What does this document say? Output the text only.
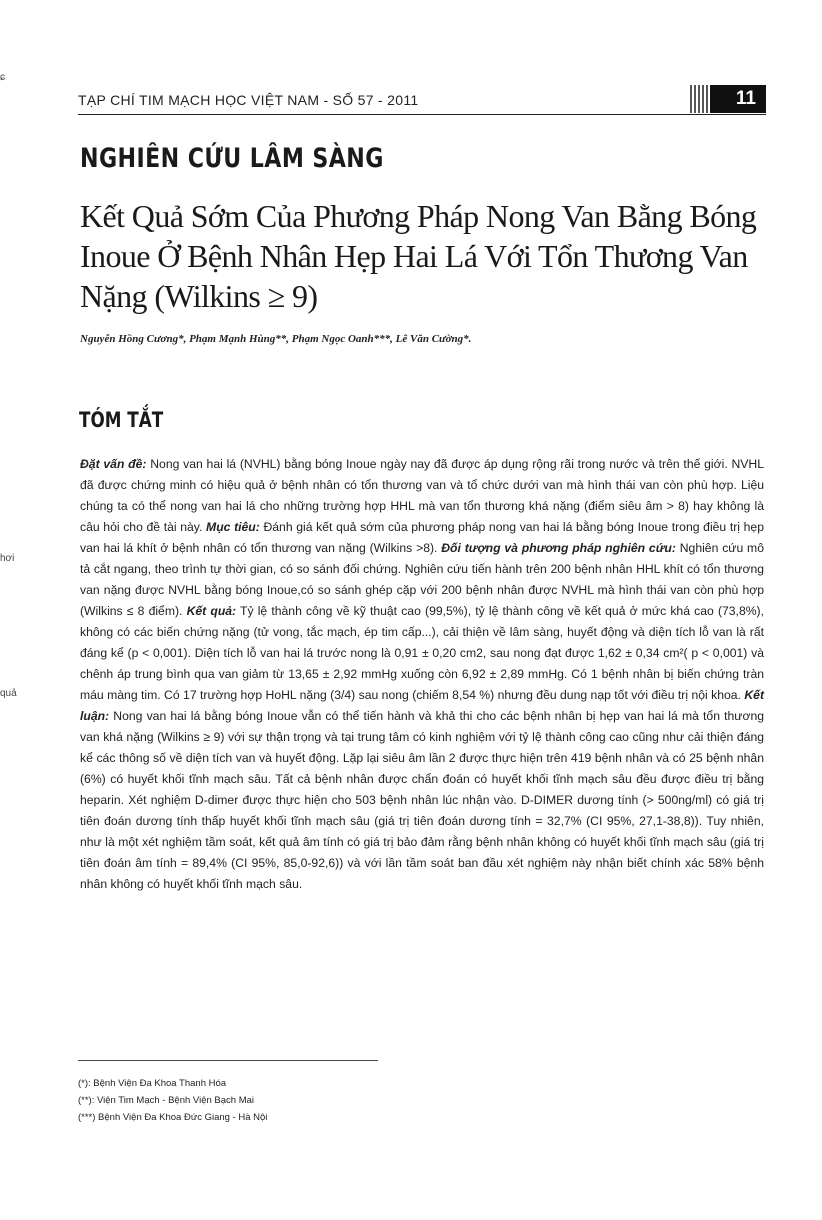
ɕ
hơi
quả
TẠP CHÍ TIM MẠCH HỌC VIỆT NAM - SỐ 57 - 2011	11
NGHIÊN CỨU LÂM SÀNG
Kết Quả Sớm Của Phương Pháp Nong Van Bằng Bóng Inoue Ở Bệnh Nhân Hẹp Hai Lá Với Tổn Thương Van Nặng (Wilkins ≥ 9)
Nguyễn Hồng Cương*, Phạm Mạnh Hùng**, Phạm Ngọc Oanh***, Lê Văn Cường*.
TÓM TẮT
Đặt vấn đề: Nong van hai lá (NVHL) bằng bóng Inoue ngày nay đã được áp dụng rộng rãi trong nước và trên thế giới. NVHL đã được chứng minh có hiệu quả ở bệnh nhân có tổn thương van và tổ chức dưới van mà hình thái van còn phù hợp. Liệu chúng ta có thể nong van hai lá cho những trường hợp HHL mà van tổn thương khá nặng (điểm siêu âm > 8) hay không là câu hỏi cho đề tài này. Mục tiêu: Đánh giá kết quả sớm của phương pháp nong van hai lá bằng bóng Inoue trong điều trị hẹp van hai lá khít ở bệnh nhân có tổn thương van nặng (Wilkins >8). Đối tượng và phương pháp nghiên cứu: Nghiên cứu mô tả cắt ngang, theo trình tự thời gian, có so sánh đối chứng. Nghiên cứu tiến hành trên 200 bệnh nhân HHL khít có tổn thương van nặng được NVHL bằng bóng Inoue,có so sánh ghép cặp với 200 bệnh nhân được NVHL mà hình thái van còn phù hợp (Wilkins ≤ 8 điểm). Kết quả: Tỷ lệ thành công về kỹ thuật cao (99,5%), tỷ lệ thành công về kết quả ở mức khá cao (73,8%), không có các biến chứng nặng (tử vong, tắc mạch, ép tim cấp...), cải thiện về lâm sàng, huyết động và diện tích lỗ van là rất đáng kể (p < 0,001). Diện tích lỗ van hai lá trước nong là 0,91 ± 0,20 cm2, sau nong đạt được 1,62 ± 0,34 cm²( p < 0,001) và chênh áp trung bình qua van giảm từ 13,65 ± 2,92 mmHg xuống còn 6,92 ± 2,89 mmHg. Có 1 bệnh nhân bị biến chứng tràn máu màng tim. Có 17 trường hợp HoHL nặng (3/4) sau nong (chiếm 8,54 %) nhưng đều dung nạp tốt với điều trị nội khoa. Kết luận: Nong van hai lá bằng bóng Inoue vẫn có thể tiến hành và khả thi cho các bệnh nhân bị hẹp van hai lá mà tổn thương van khá nặng (Wilkins ≥ 9) với sự thận trọng và tại trung tâm có kinh nghiệm với tỷ lệ thành công cao cũng như cải thiện đáng kể các thông số về diện tích van và huyết động. Lặp lại siêu âm lần 2 được thực hiện trên 419 bệnh nhân và có 25 bệnh nhân (6%) có huyết khối tĩnh mạch sâu. Tất cả bệnh nhân được chẩn đoán có huyết khối tĩnh mạch sâu đều được điều trị bằng heparin. Xét nghiệm D-dimer được thực hiện cho 503 bệnh nhân lúc nhận vào. D-DIMER dương tính (> 500ng/ml) có giá trị tiên đoán dương tính thấp huyết khối tĩnh mạch sâu (giá trị tiên đoán dương tính = 32,7% (CI 95%, 27,1-38,8)). Tuy nhiên, như là một xét nghiệm tầm soát, kết quả âm tính có giá trị bảo đảm rằng bệnh nhân không có huyết khối tĩnh mạch sâu (giá trị tiên đoán âm tính = 89,4% (CI 95%, 85,0-92,6)) và với lần tầm soát ban đầu xét nghiệm này nhận biết chính xác 58% bệnh nhân không có huyết khối tĩnh mạch sâu.
(*): Bệnh Viện Đa Khoa Thanh Hóa
(**): Viện Tim Mạch - Bệnh Viện Bạch Mai
(***) Bệnh Viện Đa Khoa Đức Giang - Hà Nội
